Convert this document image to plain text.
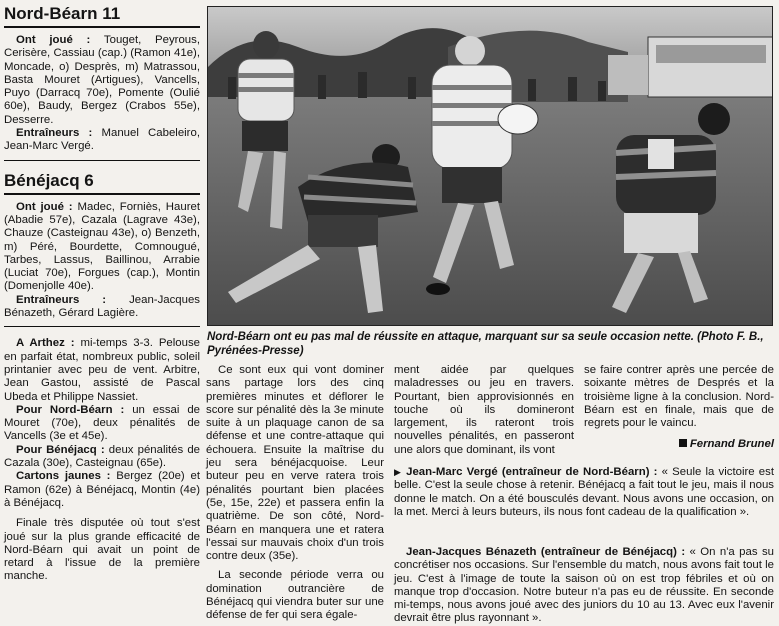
Nord-Béarn 11

Ont joué : Touget, Peyrous, Cerisère, Cassiau (cap.) (Ramon 41e), Moncade, o) Desprès, m) Matrassou, Basta Mouret (Artigues), Vancells, Puyo (Darracq 70e), Pomente (Oulié 60e), Baudy, Bergez (Crabos 55e), Desserre.

Entraîneurs : Manuel Cabeleiro, Jean-Marc Vergé.

Bénéjacq 6

Ont joué : Madec, Forniès, Hauret (Abadie 57e), Cazala (Lagrave 43e), Chauze (Casteignau 43e), o) Benzeth, m) Péré, Bourdette, Comnougué, Tarbes, Lassus, Baillinou, Arrabie (Luciat 70e), Forgues (cap.), Montin (Domenjolle 40e).

Entraîneurs : Jean-Jacques Bénazeth, Gérard Lagière.

A Arthez : mi-temps 3-3. Pelouse en parfait état, nombreux public, soleil printanier avec peu de vent. Arbitre, Jean Gastou, assisté de Pascal Ubeda et Philippe Nassiet.

Pour Nord-Béarn : un essai de Mouret (70e), deux pénalités de Vancells (3e et 45e).

Pour Bénéjacq : deux pénalités de Cazala (30e), Casteignau (65e).

Cartons jaunes : Bergez (20e) et Ramon (62e) à Bénéjacq, Montin (4e) à Bénéjacq.

Finale très disputée où tout s'est joué sur la plus grande efficacité de Nord-Béarn qui avait un point de retard à l'issue de la première manche.

Nord-Béarn ont eu pas mal de réussite en attaque, marquant sur sa seule occasion nette. (Photo F. B., Pyrénées-Presse)

Ce sont eux qui vont dominer sans partage lors des cinq premières minutes et déflorer le score sur pénalité dès la 3e minute suite à un plaquage canon de sa défense et une contre-attaque qui échouera. Ensuite la maîtrise du jeu sera bénéjacquoise. Leur buteur peu en verve ratera trois pénalités pourtant bien placées (5e, 15e, 22e) et passera enfin la quatrième. De son côté, Nord-Béarn en manquera une et ratera l'essai sur mauvais choix d'un trois contre deux (35e).

La seconde période verra ou domination outrancière de Bénéjacq qui viendra buter sur une défense de fer qui sera égale-

ment aidée par quelques maladresses ou jeu en travers. Pourtant, bien approvisionnés en touche où ils domineront largement, ils rateront trois nouvelles pénalités, en passeront une alors que dominant, ils vont

se faire contrer après une percée de soixante mètres de Després et la troisième ligne à la conclusion. Nord-Béarn est en finale, mais que de regrets pour le vaincu.

Fernand Brunel

▶ Jean-Marc Vergé (entraîneur de Nord-Béarn) : « Seule la victoire est belle. C'est la seule chose à retenir. Bénéjacq a fait tout le jeu, mais il nous donne le match. On a été bousculés devant. Nous avons une occasion, on la met. Merci à leurs buteurs, ils nous font cadeau de la qualification ».

Jean-Jacques Bénazeth (entraîneur de Bénéjacq) : « On n'a pas su concrétiser nos occasions. Sur l'ensemble du match, nous avons fait tout le jeu. C'est à l'image de toute la saison où on est trop fébriles et où on manque trop d'occasion. Notre buteur n'a pas eu de réussite. En seconde mi-temps, nous avons joué avec des juniors du 10 au 13. Avec eux l'avenir devrait être plus rayonnant ».
